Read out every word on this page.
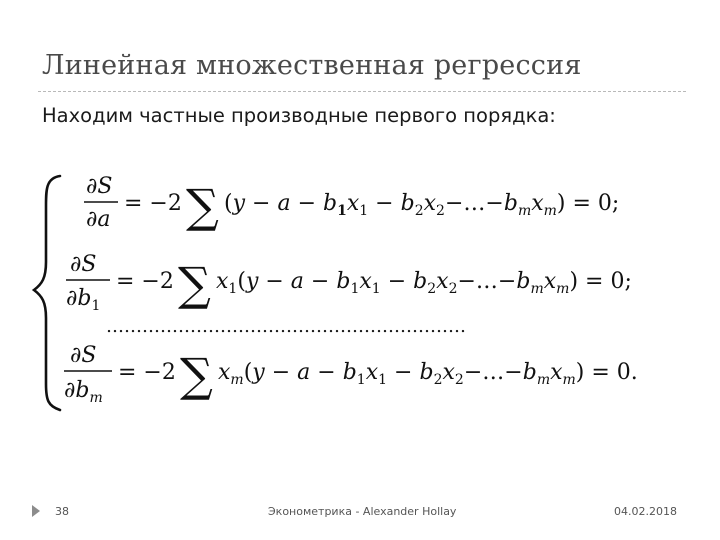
Линейная множественная регрессия
Находим частные производные первого порядка:
∂S
∂a
= −2 ∑ ($y - a - b_1x_1$ − $b_2x_2-\dots-b_mx_m) = 0$;
∂S
$\partial b_1$
= −2 ∑ $x_1(y - a - b_1x_1$ − $b_2x_2-\dots-b_mx_m) = 0$;
……………………………………………………
∂S
$\partial b_m$
= −2 ∑ $x_m(y - a - b_1x_1$ − $b_2x_2-\dots-b_mx_m) = 0$.
38	Эконометрика - Alexander Hollay	04.02.2018
